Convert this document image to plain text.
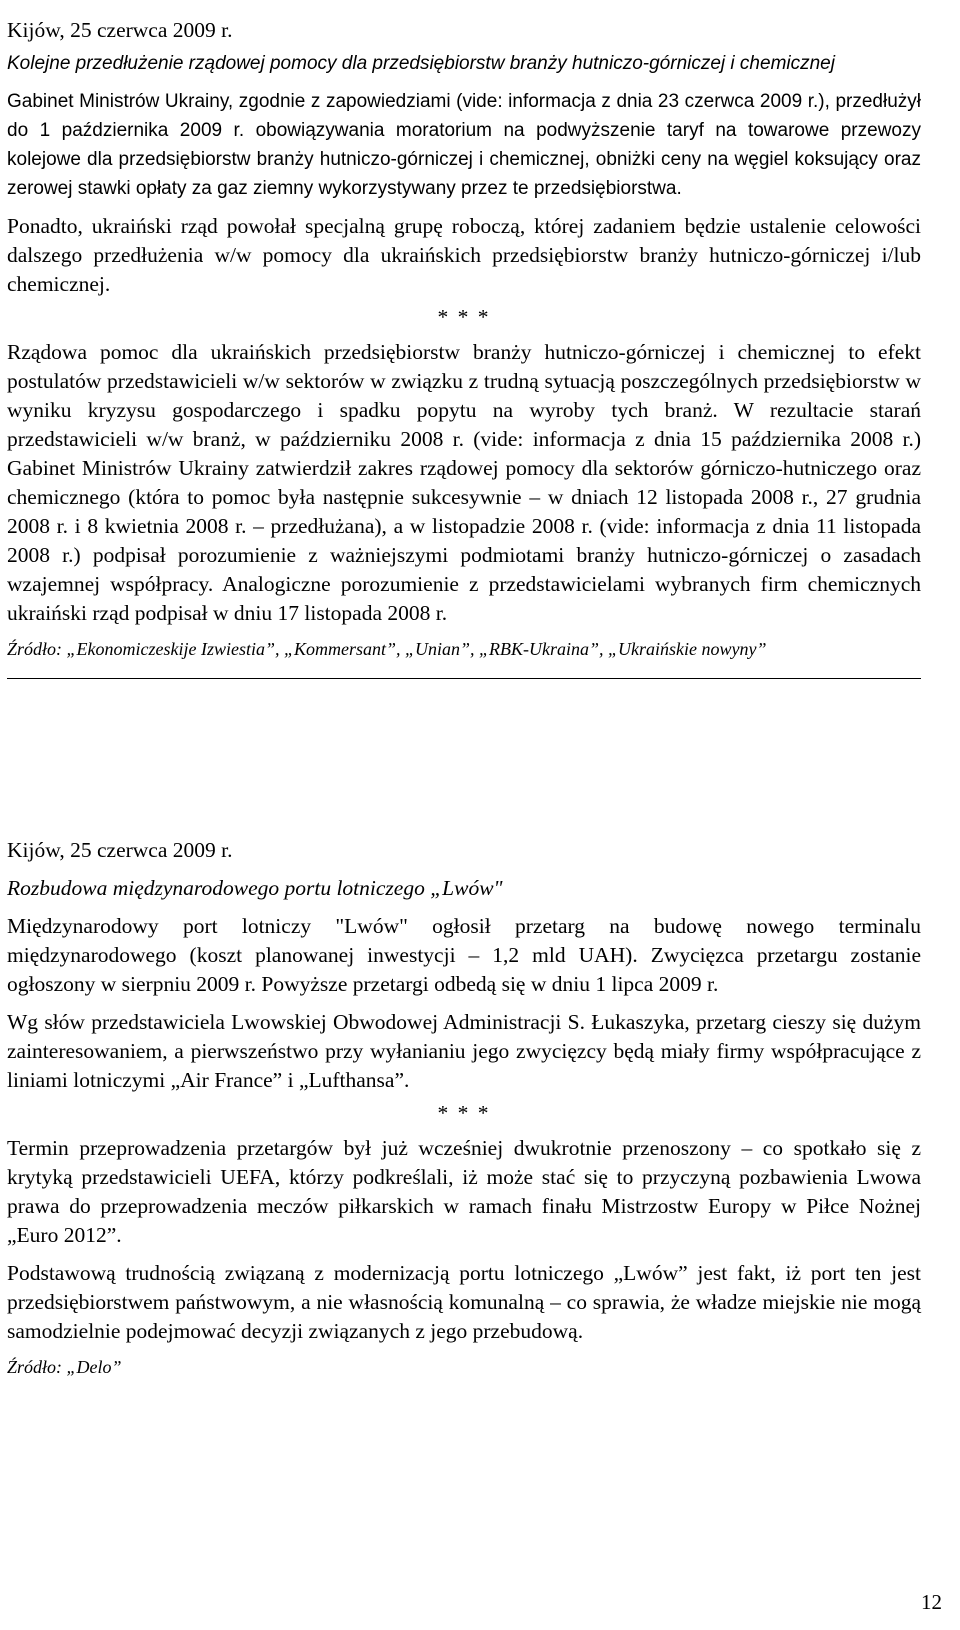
Kijów, 25 czerwca 2009 r.

Kolejne przedłużenie rządowej pomocy dla przedsiębiorstw branży hutniczo-górniczej i chemicznej

Gabinet Ministrów Ukrainy, zgodnie z zapowiedziami (vide: informacja z dnia 23 czerwca 2009 r.), przedłużył do 1 października 2009 r. obowiązywania moratorium na podwyższenie taryf na towarowe przewozy kolejowe dla przedsiębiorstw branży hutniczo-górniczej i chemicznej, obniżki ceny na węgiel koksujący oraz zerowej stawki opłaty za gaz ziemny wykorzystywany przez te przedsiębiorstwa.

Ponadto, ukraiński rząd powołał specjalną grupę roboczą, której zadaniem będzie ustalenie celowości dalszego przedłużenia w/w pomocy dla ukraińskich przedsiębiorstw branży hutniczo-górniczej i/lub chemicznej.

* * *

Rządowa pomoc dla ukraińskich przedsiębiorstw branży hutniczo-górniczej i chemicznej to efekt postulatów przedstawicieli w/w sektorów w związku z trudną sytuacją poszczególnych przedsiębiorstw w wyniku kryzysu gospodarczego i spadku popytu na wyroby tych branż. W rezultacie starań przedstawicieli w/w branż, w październiku 2008 r. (vide: informacja z dnia 15 października 2008 r.) Gabinet Ministrów Ukrainy zatwierdził zakres rządowej pomocy dla sektorów górniczo-hutniczego oraz chemicznego (która to pomoc była następnie sukcesywnie – w dniach 12 listopada 2008 r., 27 grudnia 2008 r. i 8 kwietnia 2008 r. – przedłużana), a w listopadzie 2008 r. (vide: informacja z dnia 11 listopada 2008 r.) podpisał porozumienie z ważniejszymi podmiotami branży hutniczo-górniczej o zasadach wzajemnej współpracy. Analogiczne porozumienie z przedstawicielami wybranych firm chemicznych ukraiński rząd podpisał w dniu 17 listopada 2008 r.

Źródło: „Ekonomiczeskije Izwiestia”, „Kommersant”, „Unian”, „RBK-Ukraina”, „Ukraińskie nowyny”

Kijów, 25 czerwca 2009 r.

Rozbudowa międzynarodowego portu lotniczego „Lwów"

Międzynarodowy port lotniczy "Lwów" ogłosił przetarg na budowę nowego terminalu międzynarodowego (koszt planowanej inwestycji – 1,2 mld UAH). Zwycięzca przetargu zostanie ogłoszony w sierpniu 2009 r. Powyższe przetargi odbedą się w dniu 1 lipca 2009 r.

Wg słów przedstawiciela Lwowskiej Obwodowej Administracji S. Łukaszyka, przetarg cieszy się dużym zainteresowaniem, a pierwszeństwo przy wyłanianiu jego zwycięzcy będą miały firmy współpracujące z liniami lotniczymi „Air France” i „Lufthansa”.

* * *

Termin przeprowadzenia przetargów był już wcześniej dwukrotnie przenoszony – co spotkało się z krytyką przedstawicieli UEFA, którzy podkreślali, iż może stać się to przyczyną pozbawienia Lwowa prawa do przeprowadzenia meczów piłkarskich w ramach finału Mistrzostw Europy w Piłce Nożnej „Euro 2012”.

Podstawową trudnością związaną z modernizacją portu lotniczego „Lwów” jest fakt, iż port ten jest przedsiębiorstwem państwowym, a nie własnością komunalną – co sprawia, że władze miejskie nie mogą samodzielnie podejmować decyzji związanych z jego przebudową.

Źródło: „Delo”

12
